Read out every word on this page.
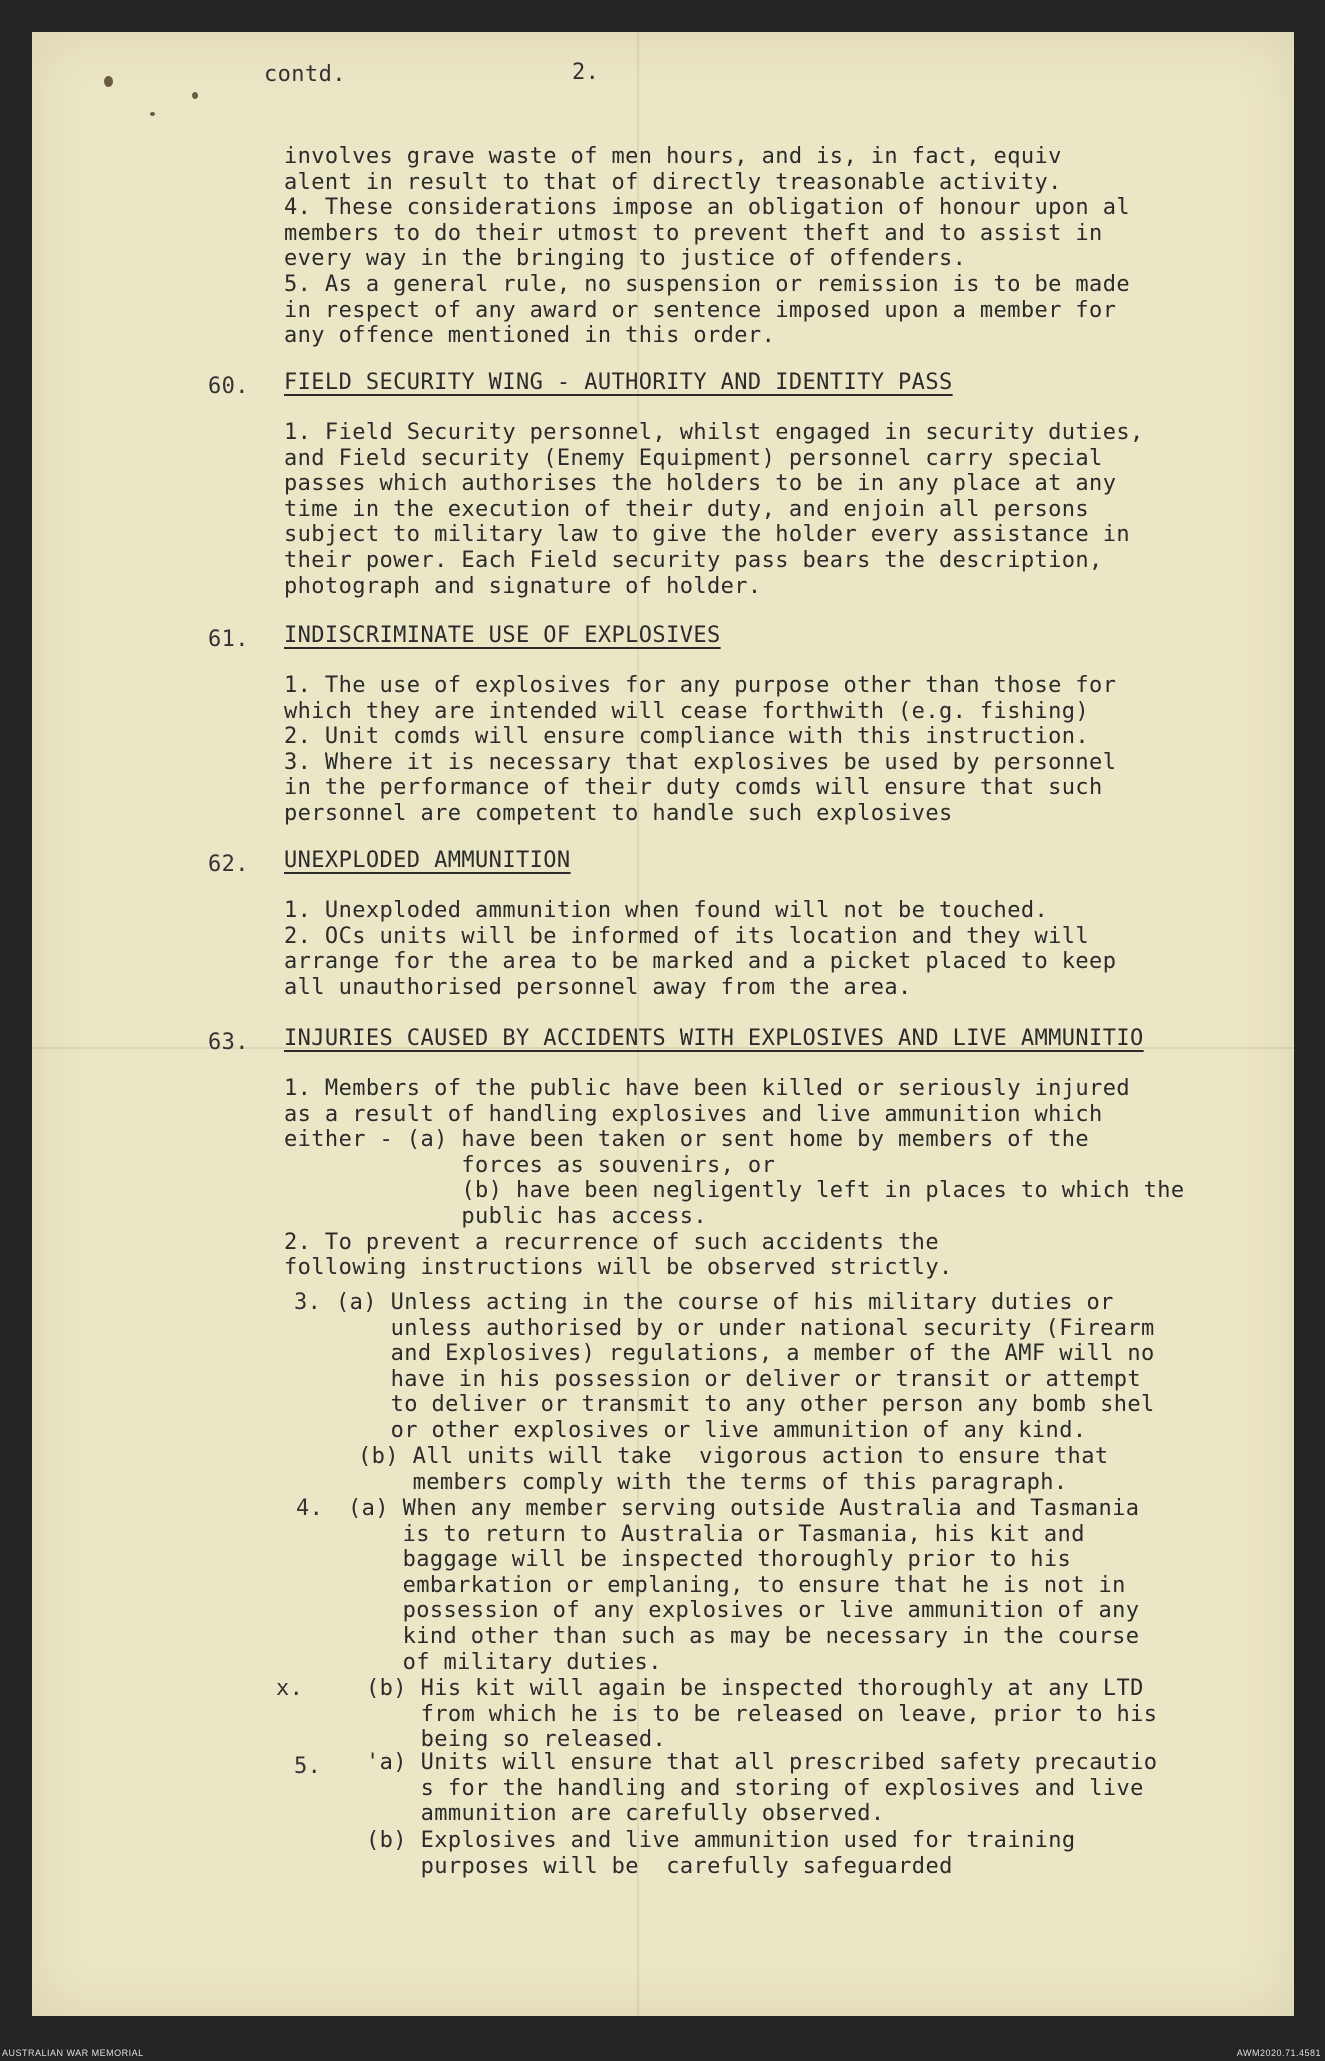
contd.	2.
involves grave waste of men hours, and is, in fact, equiv
alent in result to that of directly treasonable activity.
4. These considerations impose an obligation of honour upon al
members to do their utmost to prevent theft and to assist in
every way in the bringing to justice of offenders.
5. As a general rule, no suspension or remission is to be made
in respect of any award or sentence imposed upon a member for
any offence mentioned in this order.
60. FIELD SECURITY WING - AUTHORITY AND IDENTITY PASS
1. Field Security personnel, whilst engaged in security duties,
and Field security (Enemy Equipment) personnel carry special
passes which authorises the holders to be in any place at any
time in the execution of their duty, and enjoin all persons
subject to military law to give the holder every assistance in
their power. Each Field security pass bears the description,
photograph and signature of holder.
61. INDISCRIMINATE USE OF EXPLOSIVES
1. The use of explosives for any purpose other than those for
which they are intended will cease forthwith (e.g. fishing)
2. Unit comds will ensure compliance with this instruction.
3. Where it is necessary that explosives be used by personnel
in the performance of their duty comds will ensure that such
personnel are competent to handle such explosives
62. UNEXPLODED AMMUNITION
1. Unexploded ammunition when found will not be touched.
2. OCs units will be informed of its location and they will
arrange for the area to be marked and a picket placed to keep
all unauthorised personnel away from the area.
63. INJURIES CAUSED BY ACCIDENTS WITH EXPLOSIVES AND LIVE AMMUNITIO
1. Members of the public have been killed or seriously injured
as a result of handling explosives and live ammunition which
either - (a) have been taken or sent home by members of the
forces as souvenirs, or
(b) have been negligently left in places to which the
public has access.
2. To prevent a recurrence of such accidents the
following instructions will be observed strictly.
3. (a) Unless acting in the course of his military duties or
unless authorised by or under national security (Firearm
and Explosives) regulations, a member of the AMF will no
have in his possession or deliver or transit or attempt
to deliver or transmit to any other person any bomb shel
or other explosives or live ammunition of any kind.
(b) All units will take  vigorous action to ensure that
members comply with the terms of this paragraph.
4. (a) When any member serving outside Australia and Tasmania
is to return to Australia or Tasmania, his kit and
baggage will be inspected thoroughly prior to his
embarkation or emplaning, to ensure that he is not in
possession of any explosives or live ammunition of any
kind other than such as may be necessary in the course
of military duties.
x.	(b) His kit will again be inspected thoroughly at any LTD
from which he is to be released on leave, prior to his
being so released.
5. 'a) Units will ensure that all prescribed safety precautio
s for the handling and storing of explosives and live
ammunition are carefully observed.
(b) Explosives and live ammunition used for training
purposes will be  carefully safeguarded
AUSTRALIAN WAR MEMORIAL	AWM2020.71.4581
